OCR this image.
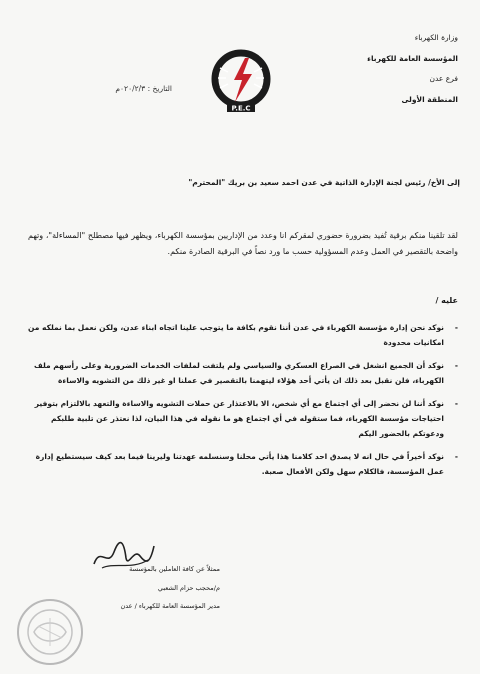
وزارة الكهرباء
المؤسسة العامة للكهرباء
فرع عدن
المنطقة الأولى
P.E.C
التاريخ : ٠٢٠/٢/٣م
إلى الأخ/ رئيس لجنة الإدارة الذاتية في عدن احمد سعيد بن بريك "المحترم"
لقد تلقينا منكم برقية تُفيد بضرورة حضوري لمقركم انا وعدد من الإداريين بمؤسسة الكهرباء، ويظهر فيها مصطلح "المساءلة"، وتهم واضحة بالتقصير في العمل وعدم المسؤولية حسب ما ورد نصاً في البرقية الصادرة منكم.
عليه /
-
نوكد نحن إدارة مؤسسة الكهرباء في عدن أننا نقوم بكافة ما يتوجب علينا اتجاه ابناء عدن، ولكن نعمل بما نملكه من امكانيات محدودة
-
نوكد أن الجميع انشغل في الصراع العسكري والسياسي ولم يلتفت لملفات الخدمات الضرورية وعلى رأسهم ملف الكهرباء، فلن نقبل بعد ذلك ان يأتي أحد هؤلاء ليتهمنا بالتقصير في عملنا او غير ذلك من التشويه والاساءة
-
نوكد أننا لن نحضر إلى أي اجتماع مع أي شخص، الا بالاعتذار عن حملات التشويه والاساءة والتعهد بالالتزام بتوفير احتياجات مؤسسة الكهرباء، فما ستقوله في أي اجتماع هو ما نقوله في هذا البيان، لذا نعتذر عن تلبية طلبكم ودعوتكم بالحضور اليكم
-
نوكد أخيراً في حال انه لا يصدق احد كلامنا هذا يأتي محلنا وسنسلمه عهدتنا وليرينا فيما بعد كيف سيستطيع إدارة عمل المؤسسة، فالكلام سهل ولكن الأفعال صعبة.
ممثلاً عن كافة العاملين بالمؤسسة
م/محجب حزام الشعبي
مدير المؤسسة العامة للكهرباء / عدن
